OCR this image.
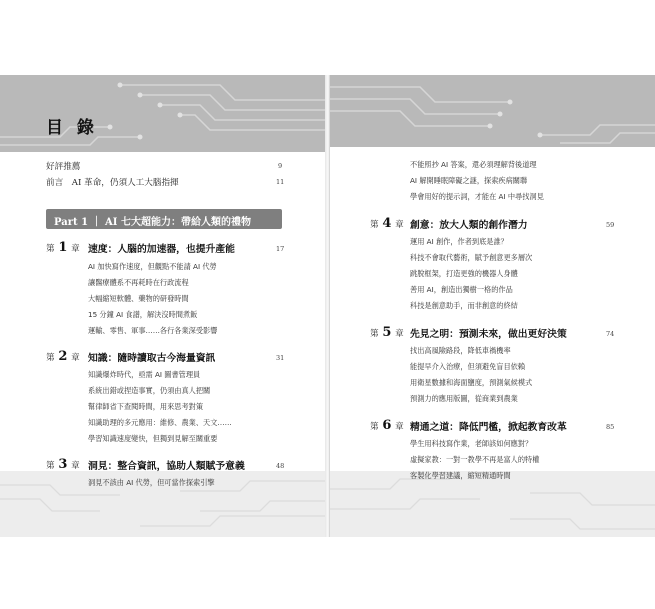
目 錄
好評推薦	9
前言　AI 革命，仍須人工大腦指揮	11
Part 1 ｜ AI 七大超能力：帶給人類的禮物
第 1 章 速度：人腦的加速器，也提升產能	17
AI 加快寫作速度，但觀點不能請 AI 代勞
讓醫療體系不再耗時在行政流程
大幅縮短軟體、藥物的研發時間
15 分鐘 AI 食譜，解決沒時間煮飯
運輸、零售、軍事……各行各業深受影響
第 2 章 知識：隨時讀取古今海量資訊	31
知識爆炸時代，亟需 AI 圖書管理員
系統出錯或捏造事實，仍須由真人把關
幫律師省下查閱時間，用來思考對策
知識助理的多元應用：維修、農業、天文……
學習知識速度變快，但獨到見解至關重要
第 3 章 洞見：整合資訊，協助人類賦予意義	48
洞見不該由 AI 代勞，但可當作探索引擎
不能照抄 AI 答案，還必須理解背後道理
AI 解開睡眠障礙之謎，探索疾病關聯
學會用好的提示詞，才能在 AI 中尋找洞見
第 4 章 創意：放大人類的創作潛力	59
運用 AI 創作，作者到底是誰？
科技不會取代藝術，賦予創意更多層次
跳脫框架，打造更強的機器人身體
善用 AI，創造出獨樹一格的作品
科技是創意助手，而非創意的終結
第 5 章 先見之明：預測未來，做出更好決策	74
找出高風險路段，降低車禍機率
能提早介入治療，但須避免盲目依賴
用衛星數據和海面鹽度，預測氣候模式
預測力的應用版圖，從商業到農業
第 6 章 精通之道：降低門檻，掀起教育改革	85
學生用科技寫作業，老師該如何應對？
虛擬家教：一對一教學不再是富人的特權
客製化學習建議，縮短精通時間
